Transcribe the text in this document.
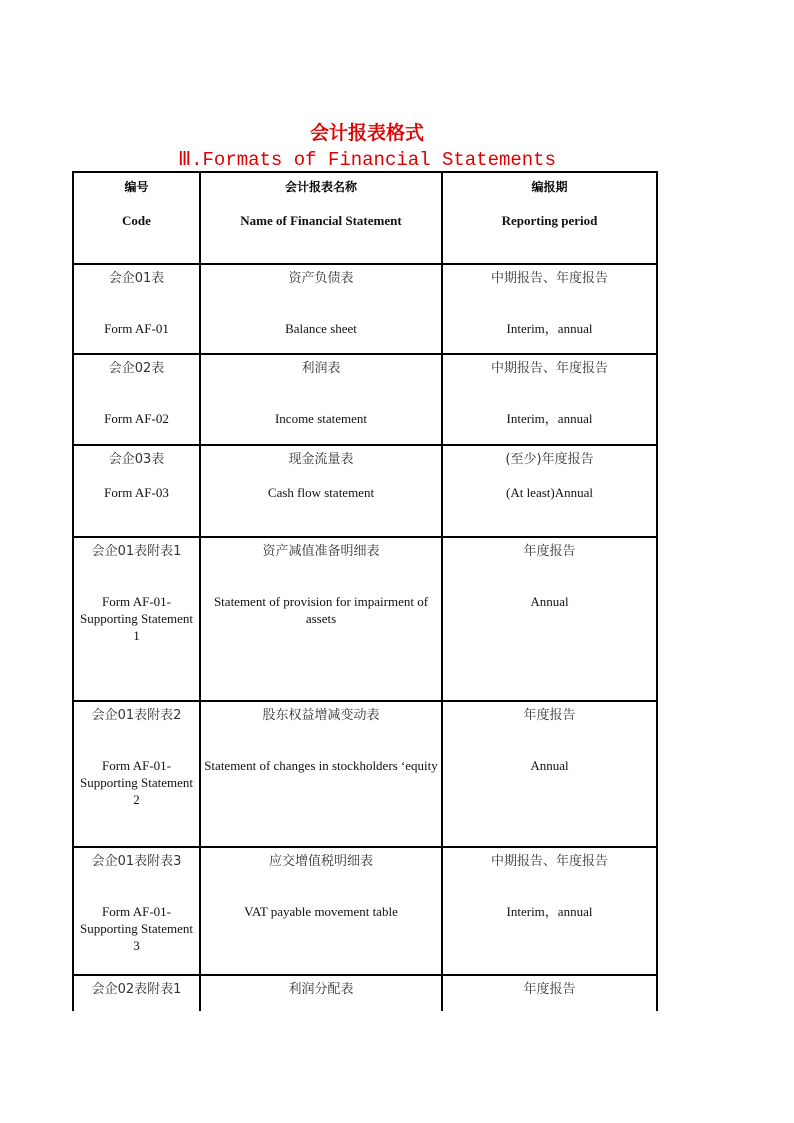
会计报表格式
Ⅲ.Formats of Financial Statements
编号
Code
会计报表名称
Name of Financial Statement
编报期
Reporting period
会企01表
Form AF-01
资产负债表
Balance sheet
中期报告、年度报告
Interim，annual
会企02表
Form AF-02
利润表
Income statement
中期报告、年度报告
Interim，annual
会企03表
Form AF-03
现金流量表
Cash flow statement
(至少)年度报告
(At least)Annual
会企01表附表1
Form AF-01-Supporting Statement 1
资产减值准备明细表
Statement of provision for impairment of assets
年度报告
Annual
会企01表附表2
Form AF-01-Supporting Statement 2
股东权益增减变动表
Statement of changes in stockholders ‘equity
年度报告
Annual
会企01表附表3
Form AF-01-Supporting Statement 3
应交增值税明细表
VAT payable movement table
中期报告、年度报告
Interim，annual
会企02表附表1	利润分配表	年度报告
